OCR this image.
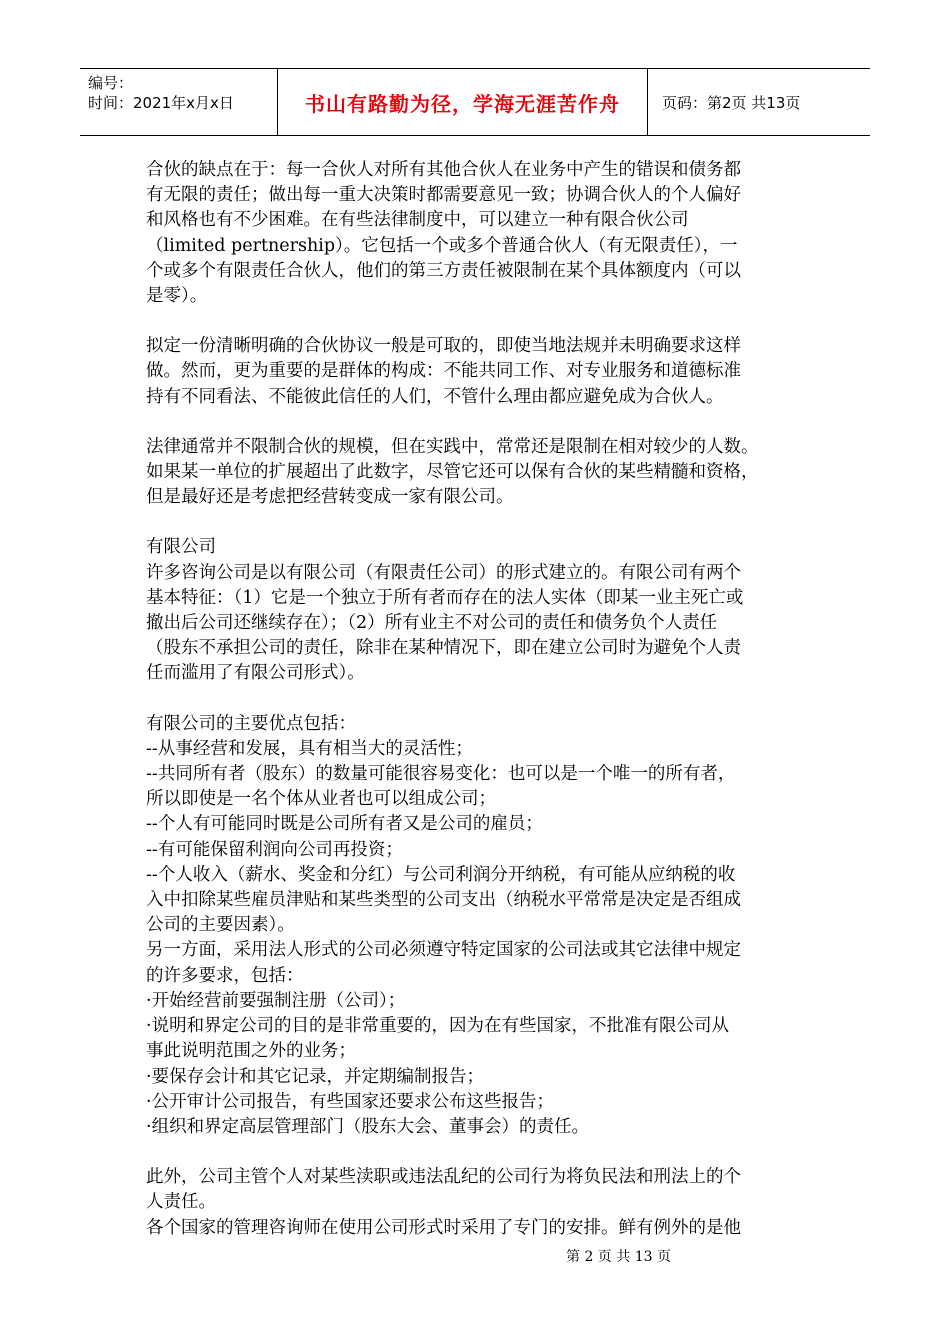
编号：
时间：2021年x月x日	书山有路勤为径，学海无涯苦作舟	页码：第2页 共13页

合伙的缺点在于：每一合伙人对所有其他合伙人在业务中产生的错误和债务都

有无限的责任；做出每一重大决策时都需要意见一致；协调合伙人的个人偏好

和风格也有不少困难。在有些法律制度中，可以建立一种有限合伙公司

（limited pertnership）。它包括一个或多个普通合伙人（有无限责任），一

个或多个有限责任合伙人，他们的第三方责任被限制在某个具体额度内（可以

是零）。

拟定一份清晰明确的合伙协议一般是可取的，即使当地法规并未明确要求这样

做。然而，更为重要的是群体的构成：不能共同工作、对专业服务和道德标准

持有不同看法、不能彼此信任的人们，不管什么理由都应避免成为合伙人。

法律通常并不限制合伙的规模，但在实践中，常常还是限制在相对较少的人数。

如果某一单位的扩展超出了此数字，尽管它还可以保有合伙的某些精髓和资格，

但是最好还是考虑把经营转变成一家有限公司。

有限公司

许多咨询公司是以有限公司（有限责任公司）的形式建立的。有限公司有两个

基本特征：（1）它是一个独立于所有者而存在的法人实体（即某一业主死亡或

撤出后公司还继续存在）；（2）所有业主不对公司的责任和债务负个人责任

（股东不承担公司的责任，除非在某种情况下，即在建立公司时为避免个人责

任而滥用了有限公司形式）。

有限公司的主要优点包括：

--从事经营和发展，具有相当大的灵活性；

--共同所有者（股东）的数量可能很容易变化：也可以是一个唯一的所有者，

所以即使是一名个体从业者也可以组成公司；

--个人有可能同时既是公司所有者又是公司的雇员；

--有可能保留利润向公司再投资；

--个人收入（薪水、奖金和分红）与公司利润分开纳税，有可能从应纳税的收

入中扣除某些雇员津贴和某些类型的公司支出（纳税水平常常是决定是否组成

公司的主要因素）。

另一方面，采用法人形式的公司必须遵守特定国家的公司法或其它法律中规定

的许多要求，包括：

·开始经营前要强制注册（公司）；

·说明和界定公司的目的是非常重要的，因为在有些国家，不批准有限公司从

事此说明范围之外的业务；

·要保存会计和其它记录，并定期编制报告；

·公开审计公司报告，有些国家还要求公布这些报告；

·组织和界定高层管理部门（股东大会、董事会）的责任。

此外，公司主管个人对某些渎职或违法乱纪的公司行为将负民法和刑法上的个

人责任。

各个国家的管理咨询师在使用公司形式时采用了专门的安排。鲜有例外的是他

第 2 页 共 13 页
